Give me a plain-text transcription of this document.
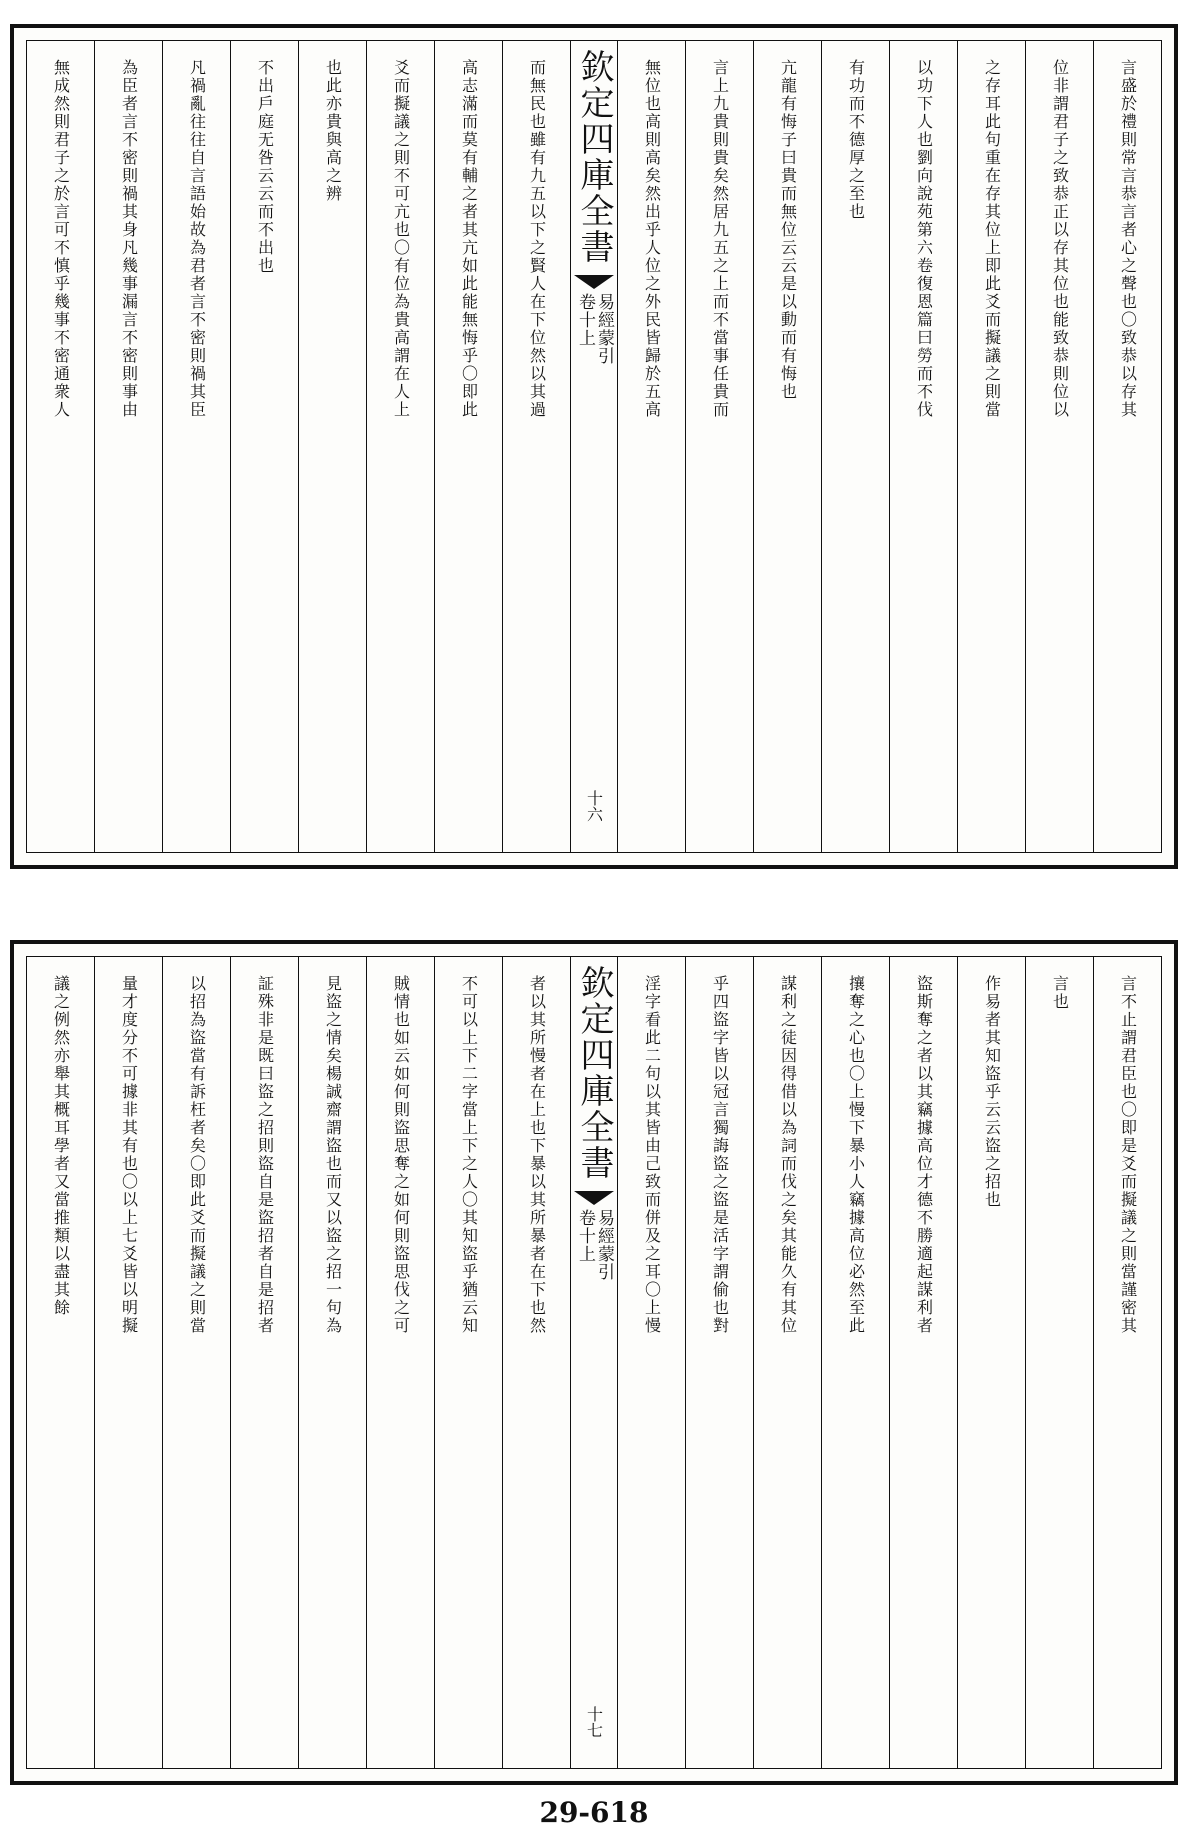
言盛於禮則常言恭言者心之聲也〇致恭以存其
位非謂君子之致恭正以存其位也能致恭則位以
之存耳此句重在存其位上即此爻而擬議之則當
以功下人也劉向說苑第六卷復恩篇曰勞而不伐
有功而不德厚之至也
亢龍有悔子曰貴而無位云云是以動而有悔也
言上九貴則貴矣然居九五之上而不當事任貴而
無位也高則高矣然出乎人位之外民皆歸於五高
欽定四庫全書
易經蒙引
卷十上
十六
而無民也雖有九五以下之賢人在下位然以其過
高志滿而莫有輔之者其亢如此能無悔乎〇即此
爻而擬議之則不可亢也〇有位為貴高謂在人上
也此亦貴與高之辨
不出戶庭无咎云云而不出也
凡禍亂往往自言語始故為君者言不密則禍其臣
為臣者言不密則禍其身凡幾事漏言不密則事由
無成然則君子之於言可不慎乎幾事不密通衆人
言不止謂君臣也〇即是爻而擬議之則當謹密其
言也
作易者其知盜乎云云盜之招也
盜斯奪之者以其竊據高位才德不勝適起謀利者
攘奪之心也〇上慢下暴小人竊據高位必然至此
謀利之徒因得借以為詞而伐之矣其能久有其位
乎四盜字皆以冠言獨誨盜之盜是活字謂偷也對
淫字看此二句以其皆由己致而併及之耳〇上慢
欽定四庫全書
易經蒙引
卷十上
十七
者以其所慢者在上也下暴以其所暴者在下也然
不可以上下二字當上下之人〇其知盜乎猶云知
賊情也如云如何則盜思奪之如何則盜思伐之可
見盜之情矣楊誠齋謂盜也而又以盜之招一句為
証殊非是既曰盜之招則盜自是盜招者自是招者
以招為盜當有訴枉者矣〇即此爻而擬議之則當
量才度分不可據非其有也〇以上七爻皆以明擬
議之例然亦舉其概耳學者又當推類以盡其餘
29-618
